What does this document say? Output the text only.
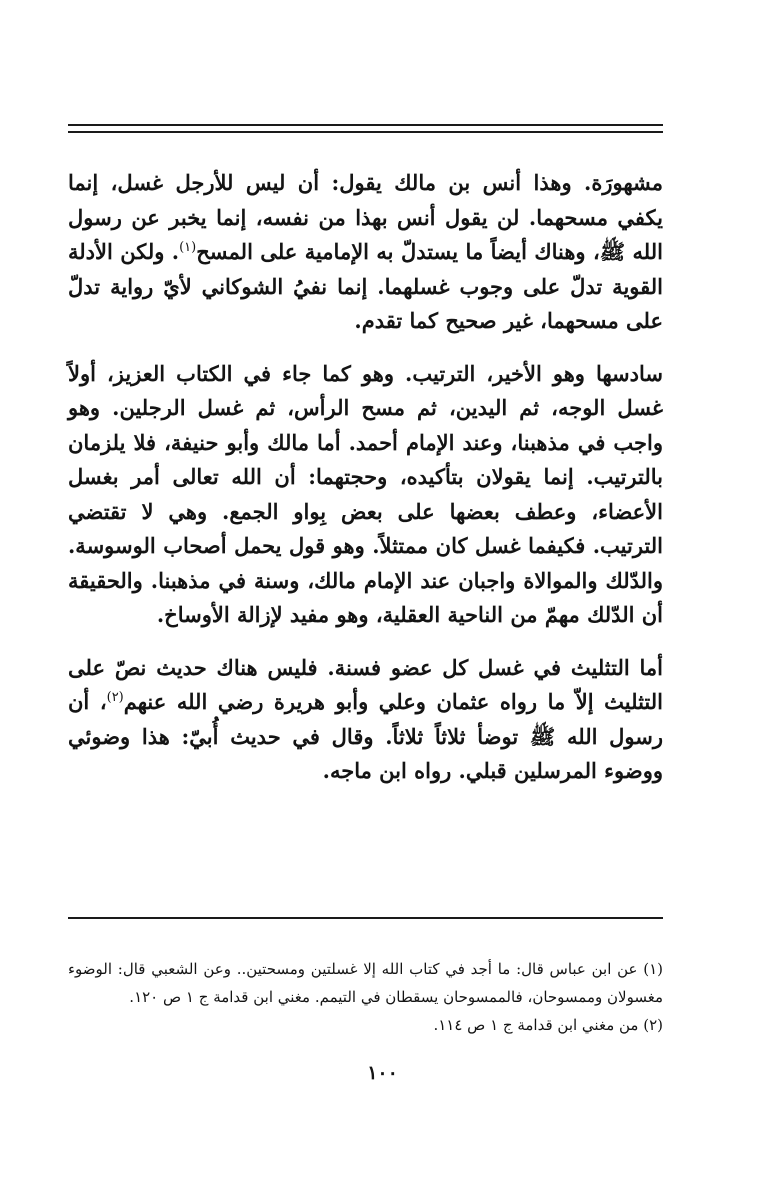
مشهورَة. وهذا أنس بن مالك يقول: أن ليس للأرجل غسل، إنما يكفي مسحهما. لن يقول أنس بهذا من نفسه، إنما يخبر عن رسول الله ﷺ، وهناك أيضاً ما يستدلّ به الإمامية على المسح$^{(١)}$. ولكن الأدلة القوية تدلّ على وجوب غسلهما. إنما نفيُ الشوكاني لأيّ رواية تدلّ على مسحهما، غير صحيح كما تقدم.

سادسها وهو الأخير، الترتيب. وهو كما جاء في الكتاب العزيز، أولاً غسل الوجه، ثم اليدين، ثم مسح الرأس، ثم غسل الرجلين. وهو واجب في مذهبنا، وعند الإمام أحمد. أما مالك وأبو حنيفة، فلا يلزمان بالترتيب. إنما يقولان بتأكيده، وحجتهما: أن الله تعالى أمر بغسل الأعضاء، وعطف بعضها على بعض بِواو الجمع. وهي لا تقتضي الترتيب. فكيفما غسل كان ممتثلاً. وهو قول يحمل أصحاب الوسوسة. والدّلك والموالاة واجبان عند الإمام مالك، وسنة في مذهبنا. والحقيقة أن الدّلك مهمّ من الناحية العقلية، وهو مفيد لإزالة الأوساخ.

أما التثليث في غسل كل عضو فسنة. فليس هناك حديث نصّ على التثليث إلاّ ما رواه عثمان وعلي وأبو هريرة رضي الله عنهم$^{(٢)}$، أن رسول الله ﷺ توضأ ثلاثاً ثلاثاً. وقال في حديث أُبيّ: هذا وضوئي ووضوء المرسلين قبلي. رواه ابن ماجه.

(١) عن ابن عباس قال: ما أجد في كتاب الله إلا غسلتين ومسحتين.. وعن الشعبي قال: الوضوء مغسولان وممسوحان، فالممسوحان يسقطان في التيمم. مغني ابن قدامة ج ١ ص ١٢٠.

(٢) من مغني ابن قدامة ج ١ ص ١١٤.

١٠٠
